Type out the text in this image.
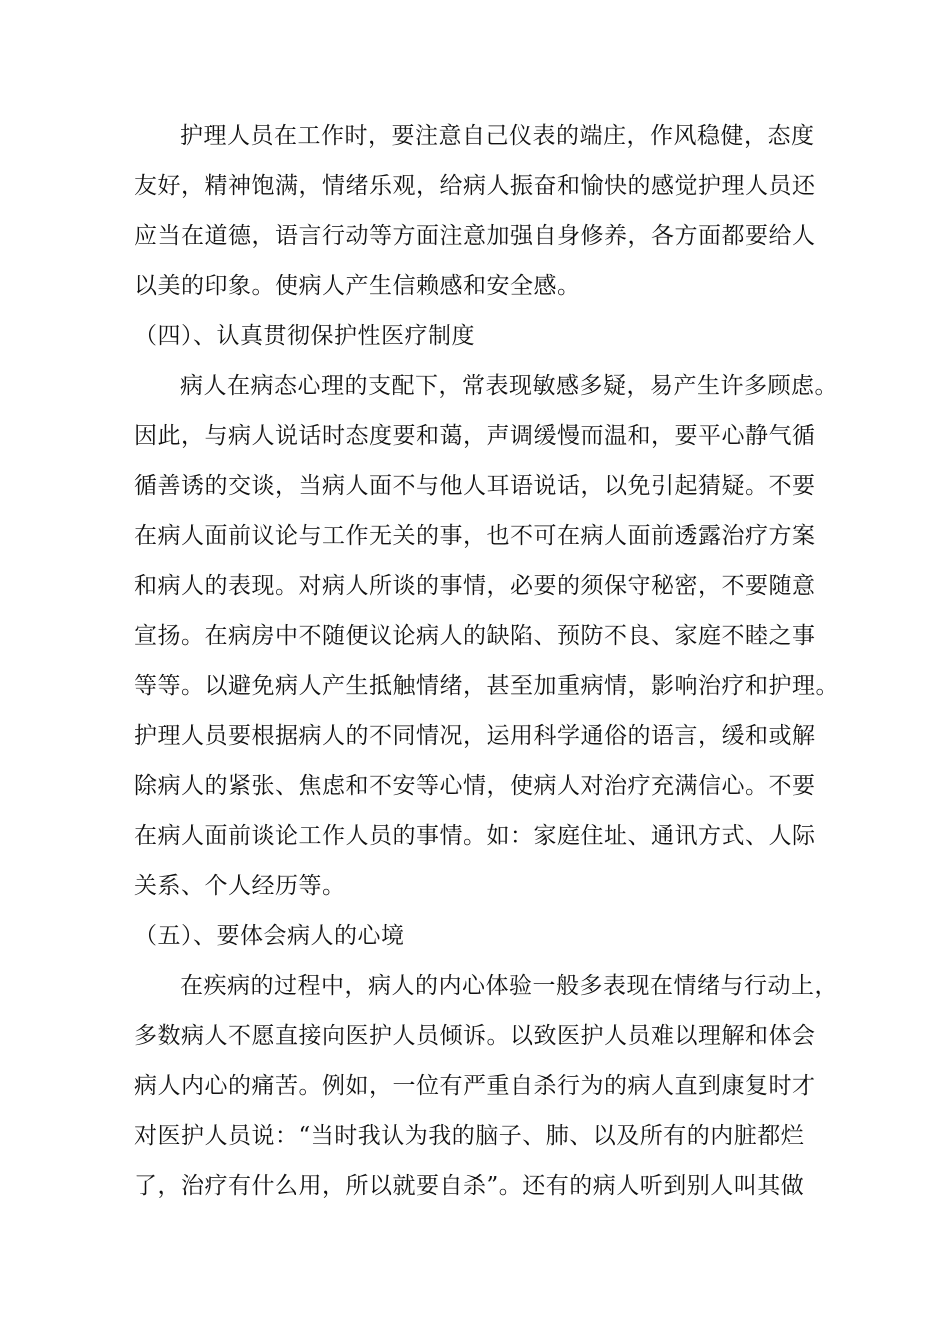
护理人员在工作时，要注意自己仪表的端庄，作风稳健，态度
友好，精神饱满，情绪乐观，给病人振奋和愉快的感觉护理人员还
应当在道德，语言行动等方面注意加强自身修养，各方面都要给人
以美的印象。使病人产生信赖感和安全感。
（四）、认真贯彻保护性医疗制度
病人在病态心理的支配下，常表现敏感多疑，易产生许多顾虑。
因此，与病人说话时态度要和蔼，声调缓慢而温和，要平心静气循
循善诱的交谈，当病人面不与他人耳语说话，以免引起猜疑。不要
在病人面前议论与工作无关的事，也不可在病人面前透露治疗方案
和病人的表现。对病人所谈的事情，必要的须保守秘密，不要随意
宣扬。在病房中不随便议论病人的缺陷、预防不良、家庭不睦之事
等等。以避免病人产生抵触情绪，甚至加重病情，影响治疗和护理。
护理人员要根据病人的不同情况，运用科学通俗的语言，缓和或解
除病人的紧张、焦虑和不安等心情，使病人对治疗充满信心。不要
在病人面前谈论工作人员的事情。如：家庭住址、通讯方式、人际
关系、个人经历等。
（五）、要体会病人的心境
在疾病的过程中，病人的内心体验一般多表现在情绪与行动上，
多数病人不愿直接向医护人员倾诉。以致医护人员难以理解和体会
病人内心的痛苦。例如，一位有严重自杀行为的病人直到康复时才
对医护人员说：“当时我认为我的脑子、肺、以及所有的内脏都烂
了，治疗有什么用，所以就要自杀”。还有的病人听到别人叫其做
